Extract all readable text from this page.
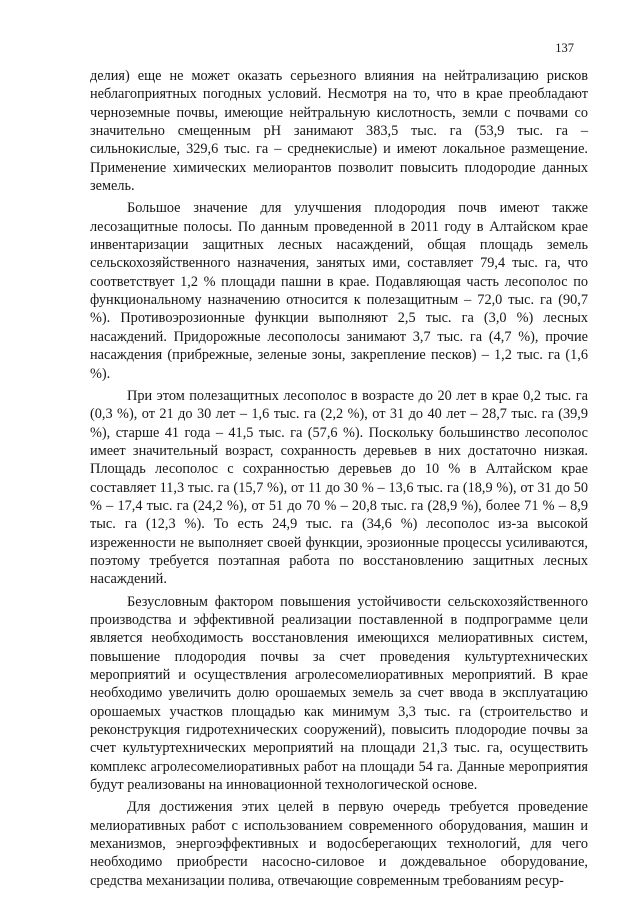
137

делия) еще не может оказать серьезного влияния на нейтрализацию рисков неблагоприятных погодных условий. Несмотря на то, что в крае преобладают черноземные почвы, имеющие нейтральную кислотность, земли с почвами со значительно смещенным pH занимают 383,5 тыс. га (53,9 тыс. га – сильнокислые, 329,6 тыс. га – среднекислые) и имеют локальное размещение. Применение химических мелиорантов позволит повысить плодородие данных земель.

Большое значение для улучшения плодородия почв имеют также лесозащитные полосы. По данным проведенной в 2011 году в Алтайском крае инвентаризации защитных лесных насаждений, общая площадь земель сельскохозяйственного назначения, занятых ими, составляет 79,4 тыс. га, что соответствует 1,2 % площади пашни в крае. Подавляющая часть лесополос по функциональному назначению относится к полезащитным – 72,0 тыс. га (90,7 %). Противоэрозионные функции выполняют 2,5 тыс. га (3,0 %) лесных насаждений. Придорожные лесополосы занимают 3,7 тыс. га (4,7 %), прочие насаждения (прибрежные, зеленые зоны, закрепление песков) – 1,2 тыс. га (1,6 %).

При этом полезащитных лесополос в возрасте до 20 лет в крае 0,2 тыс. га (0,3 %), от 21 до 30 лет – 1,6 тыс. га (2,2 %), от 31 до 40 лет – 28,7 тыс. га (39,9 %), старше 41 года – 41,5 тыс. га (57,6 %). Поскольку большинство лесополос имеет значительный возраст, сохранность деревьев в них достаточно низкая. Площадь лесополос с сохранностью деревьев до 10 % в Алтайском крае составляет 11,3 тыс. га (15,7 %), от 11 до 30 % – 13,6 тыс. га (18,9 %), от 31 до 50 % – 17,4 тыс. га (24,2 %), от 51 до 70 % – 20,8 тыс. га (28,9 %), более 71 % – 8,9 тыс. га (12,3 %). То есть 24,9 тыс. га (34,6 %) лесополос из-за высокой изреженности не выполняет своей функции, эрозионные процессы усиливаются, поэтому требуется поэтапная работа по восстановлению защитных лесных насаждений.

Безусловным фактором повышения устойчивости сельскохозяйственного производства и эффективной реализации поставленной в подпрограмме цели является необходимость восстановления имеющихся мелиоративных систем, повышение плодородия почвы за счет проведения культуртехнических мероприятий и осуществления агролесомелиоративных мероприятий. В крае необходимо увеличить долю орошаемых земель за счет ввода в эксплуатацию орошаемых участков площадью как минимум 3,3 тыс. га (строительство и реконструкция гидротехнических сооружений), повысить плодородие почвы за счет культуртехнических мероприятий на площади 21,3 тыс. га, осуществить комплекс агролесомелиоративных работ на площади 54 га. Данные мероприятия будут реализованы на инновационной технологической основе.

Для достижения этих целей в первую очередь требуется проведение мелиоративных работ с использованием современного оборудования, машин и механизмов, энергоэффективных и водосберегающих технологий, для чего необходимо приобрести насосно-силовое и дождевальное оборудование, средства механизации полива, отвечающие современным требованиям ресур-
